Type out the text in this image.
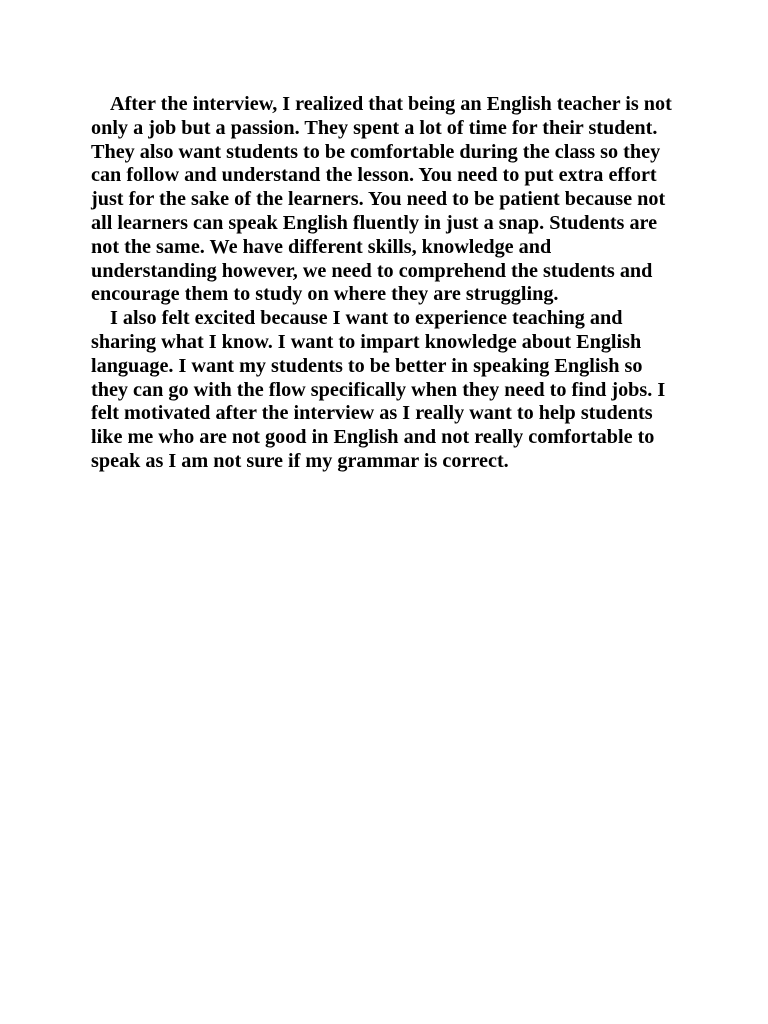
After the interview, I realized that being an English teacher is not
only a job but a passion. They spent a lot of time for their student.
They also want students to be comfortable during the class so they
can follow and understand the lesson. You need to put extra effort
just for the sake of the learners. You need to be patient because not
all learners can speak English fluently in just a snap. Students are
not the same. We have different skills, knowledge and
understanding however, we need to comprehend the students and
encourage them to study on where they are struggling.
I also felt excited because I want to experience teaching and
sharing what I know. I want to impart knowledge about English
language. I want my students to be better in speaking English so
they can go with the flow specifically when they need to find jobs. I
felt motivated after the interview as I really want to help students
like me who are not good in English and not really comfortable to
speak as I am not sure if my grammar is correct.
